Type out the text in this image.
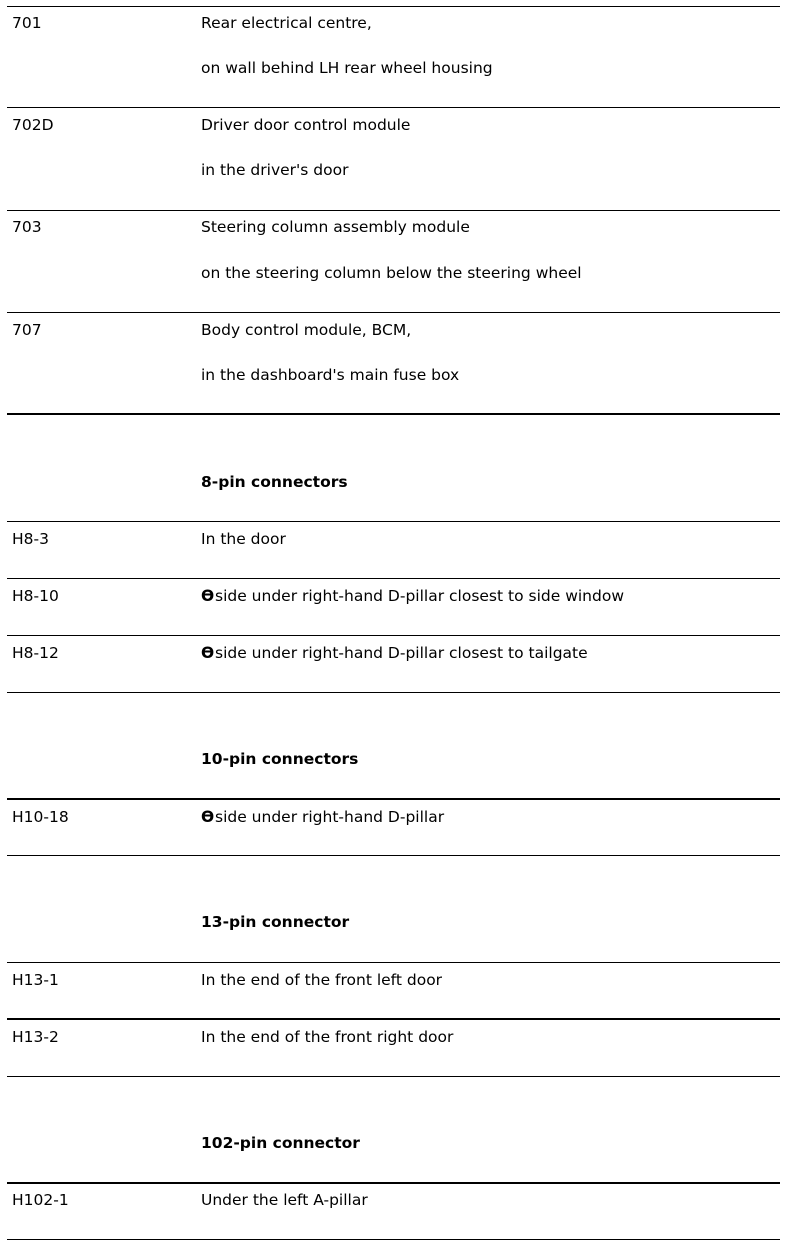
701	Rear electrical centre,
on wall behind LH rear wheel housing
702D	Driver door control module
in the driver's door
703	Steering column assembly module
on the steering column below the steering wheel
707	Body control module, BCM,
in the dashboard's main fuse box
8-pin connectors
H8-3	In the door
H8-10	ϴside under right-hand D-pillar closest to side window
H8-12	ϴside under right-hand D-pillar closest to tailgate
10-pin connectors
H10-18	ϴside under right-hand D-pillar
13-pin connector
H13-1	In the end of the front left door
H13-2	In the end of the front right door
102-pin connector
H102-1	Under the left A-pillar
